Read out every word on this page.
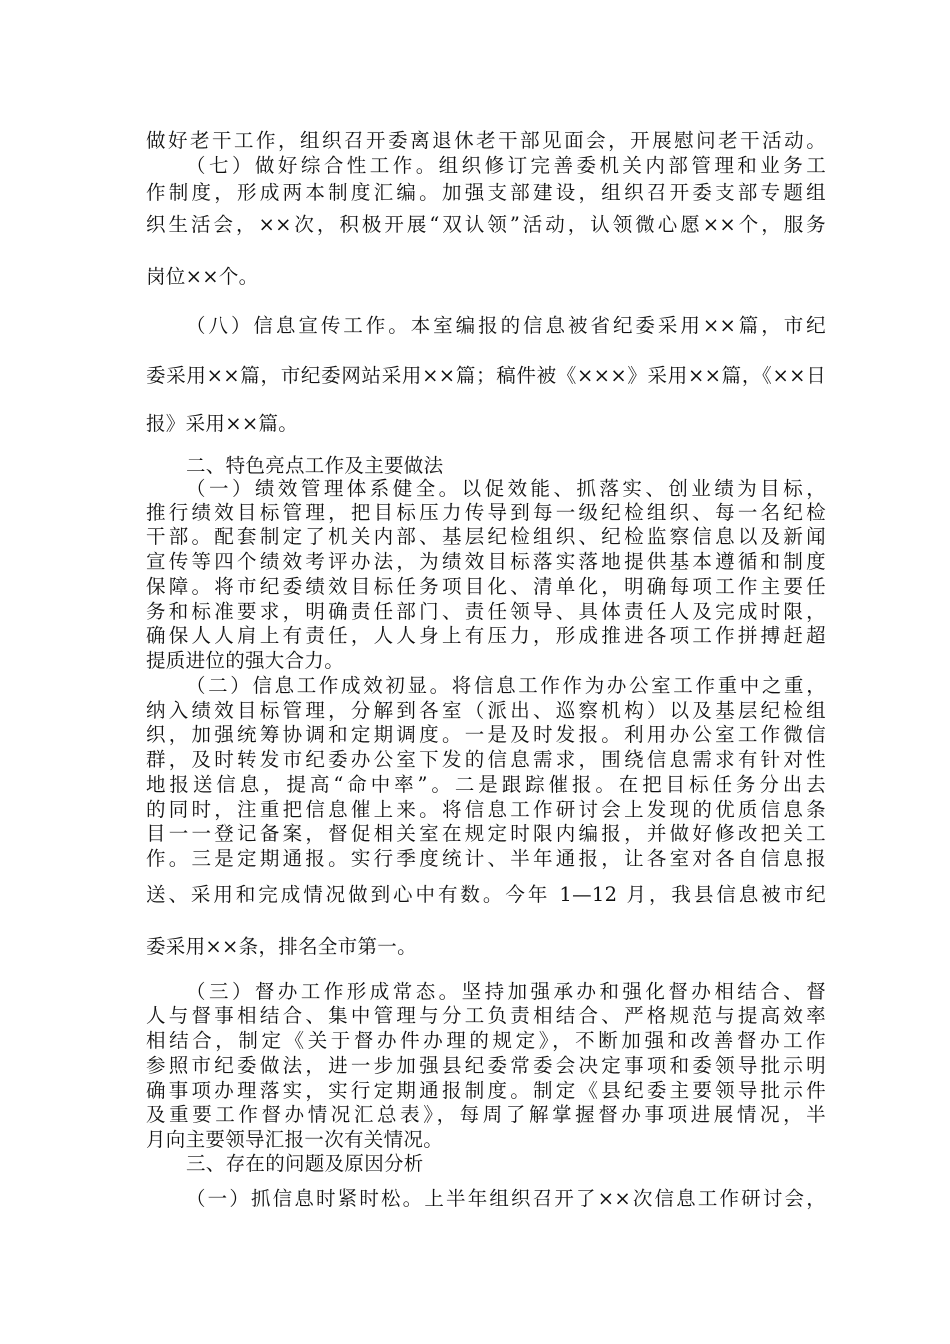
做好老干工作，组织召开委离退休老干部见面会，开展慰问老干活动。
（七）做好综合性工作。组织修订完善委机关内部管理和业务工
作制度，形成两本制度汇编。加强支部建设，组织召开委支部专题组
织生活会，××次，积极开展“双认领”活动，认领微心愿××个，服务
岗位××个。
（八）信息宣传工作。本室编报的信息被省纪委采用××篇，市纪
委采用××篇，市纪委网站采用××篇；稿件被《×××》采用××篇，《××日
报》采用××篇。
二、特色亮点工作及主要做法
（一）绩效管理体系健全。以促效能、抓落实、创业绩为目标，
推行绩效目标管理，把目标压力传导到每一级纪检组织、每一名纪检
干部。配套制定了机关内部、基层纪检组织、纪检监察信息以及新闻
宣传等四个绩效考评办法，为绩效目标落实落地提供基本遵循和制度
保障。将市纪委绩效目标任务项目化、清单化，明确每项工作主要任
务和标准要求，明确责任部门、责任领导、具体责任人及完成时限，
确保人人肩上有责任，人人身上有压力，形成推进各项工作拼搏赶超
提质进位的强大合力。
（二）信息工作成效初显。将信息工作作为办公室工作重中之重，
纳入绩效目标管理，分解到各室（派出、巡察机构）以及基层纪检组
织，加强统筹协调和定期调度。一是及时发报。利用办公室工作微信
群，及时转发市纪委办公室下发的信息需求，围绕信息需求有针对性
地报送信息，提高“命中率”。二是跟踪催报。在把目标任务分出去
的同时，注重把信息催上来。将信息工作研讨会上发现的优质信息条
目一一登记备案，督促相关室在规定时限内编报，并做好修改把关工
作。三是定期通报。实行季度统计、半年通报，让各室对各自信息报
送、采用和完成情况做到心中有数。今年 1—12 月，我县信息被市纪
委采用××条，排名全市第一。
（三）督办工作形成常态。坚持加强承办和强化督办相结合、督
人与督事相结合、集中管理与分工负责相结合、严格规范与提高效率
相结合，制定《关于督办件办理的规定》，不断加强和改善督办工作
参照市纪委做法，进一步加强县纪委常委会决定事项和委领导批示明
确事项办理落实，实行定期通报制度。制定《县纪委主要领导批示件
及重要工作督办情况汇总表》，每周了解掌握督办事项进展情况，半
月向主要领导汇报一次有关情况。
三、存在的问题及原因分析
（一）抓信息时紧时松。上半年组织召开了××次信息工作研讨会，
